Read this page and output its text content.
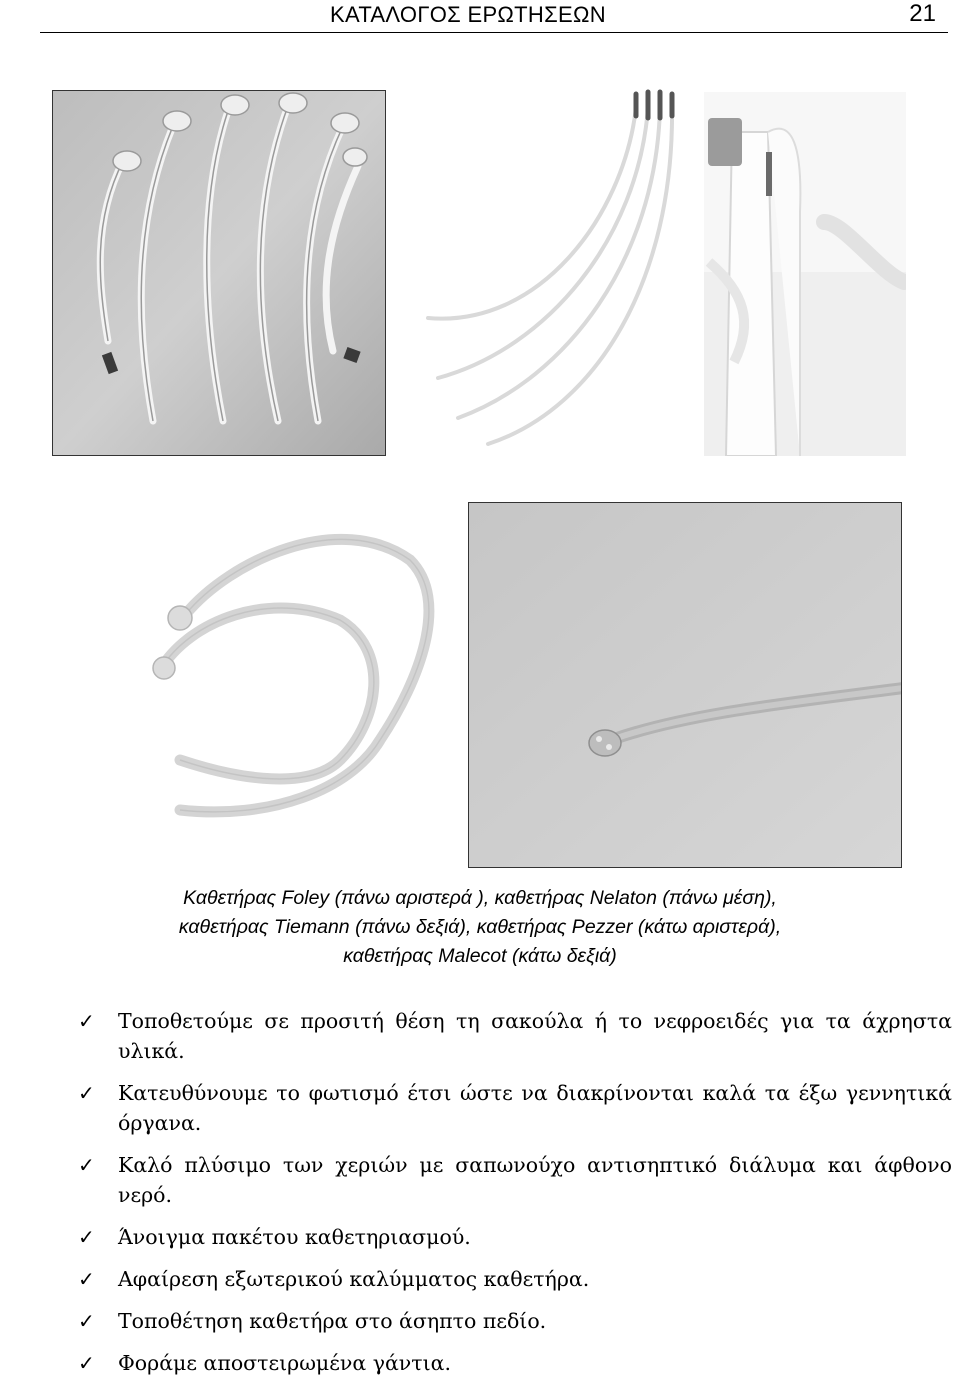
ΚΑΤΑΛΟΓΟΣ ΕΡΩΤΗΣΕΩΝ	21
Καθετήρας Foley (πάνω αριστερά ), καθετήρας Nelaton (πάνω μέση),
καθετήρας Tiemann (πάνω δεξιά), καθετήρας Pezzer (κάτω αριστερά),
καθετήρας Malecot (κάτω δεξιά)
✓ Τοποθετούμε σε προσιτή θέση τη σακούλα ή το νεφροειδές για τα άχρηστα υλικά.
✓ Κατευθύνουμε το φωτισμό έτσι ώστε να διακρίνονται καλά τα έξω γεννητικά όργανα.
✓ Καλό πλύσιμο των χεριών με σαπωνούχο αντισηπτικό διάλυμα και άφθονο νερό.
✓ Άνοιγμα πακέτου καθετηριασμού.
✓ Αφαίρεση εξωτερικού καλύμματος καθετήρα.
✓ Τοποθέτηση καθετήρα στο άσηπτο πεδίο.
✓ Φοράμε αποστειρωμένα γάντια.
